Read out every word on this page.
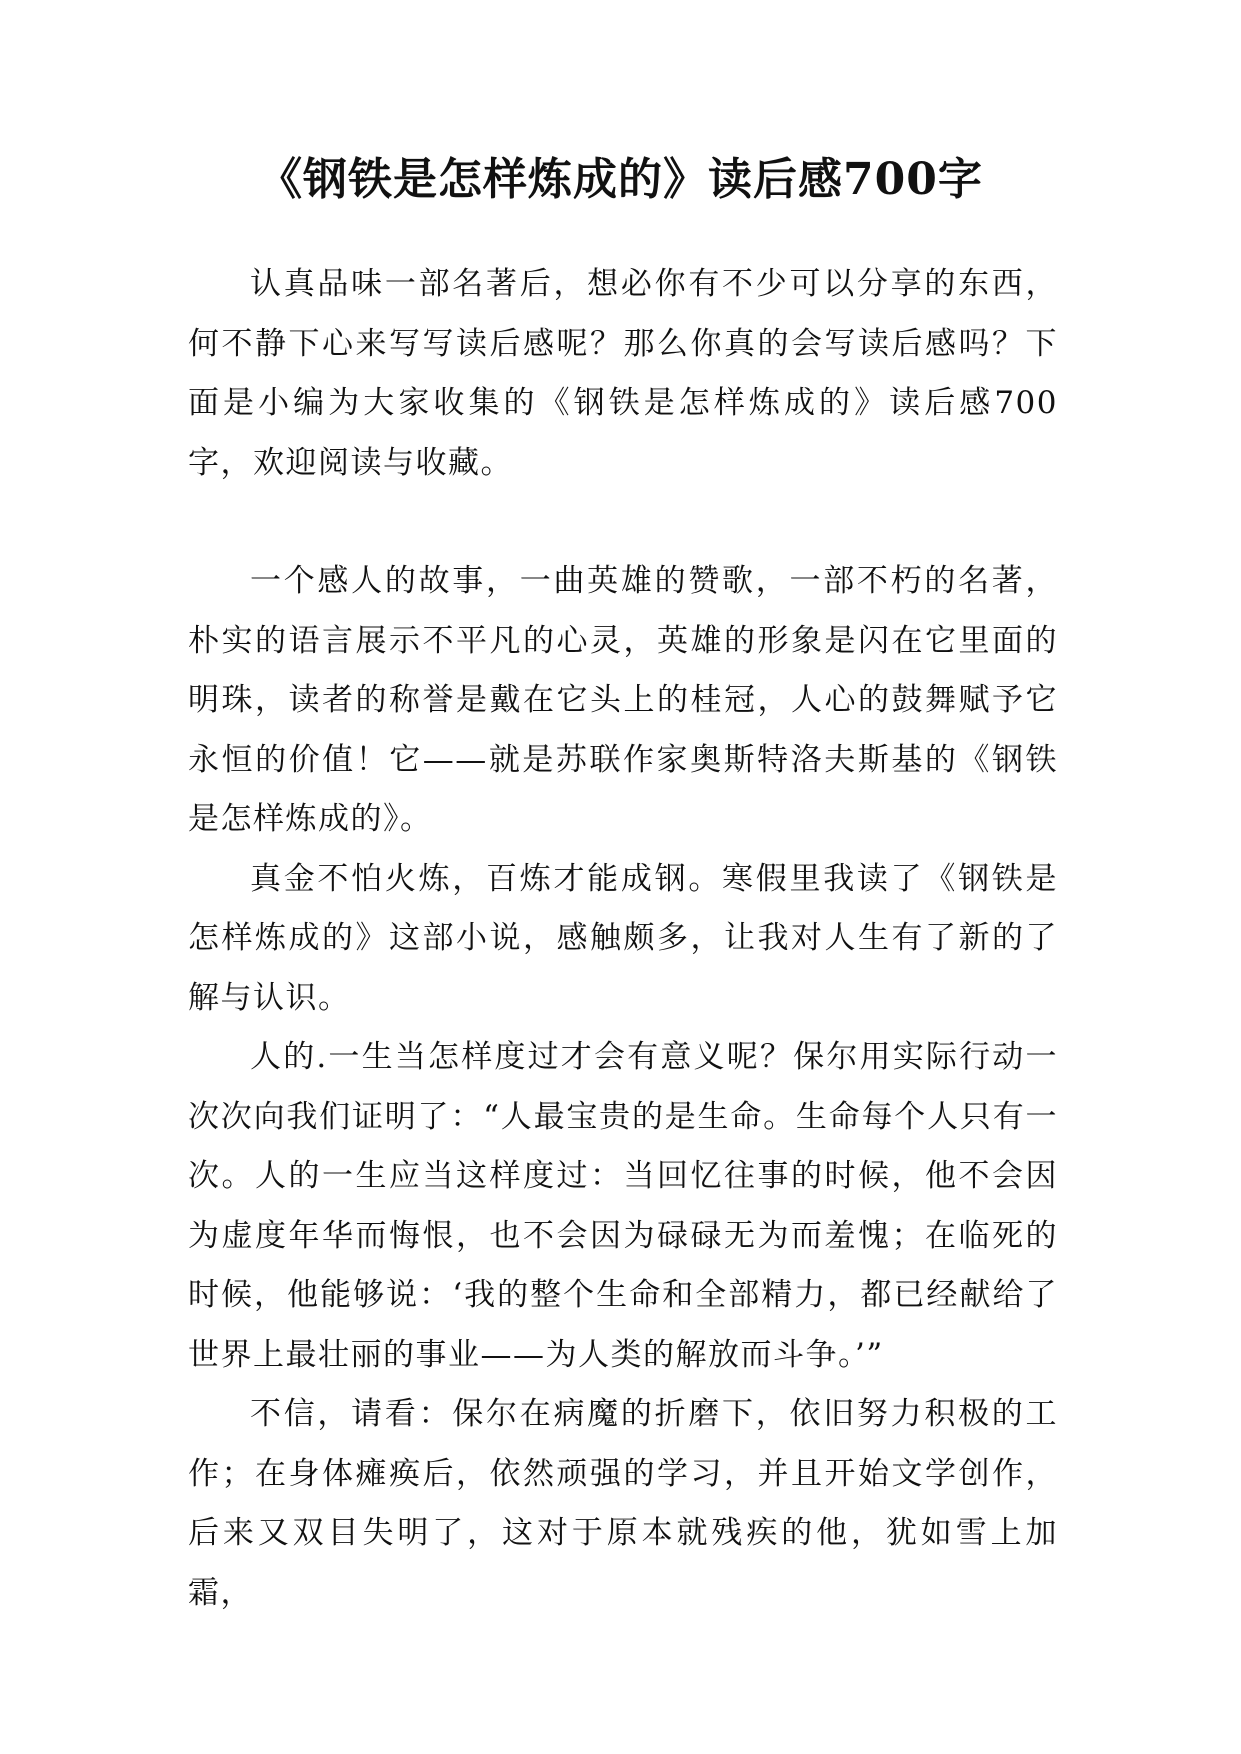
《钢铁是怎样炼成的》读后感700字

认真品味一部名著后，想必你有不少可以分享的东西，何不静下心来写写读后感呢？那么你真的会写读后感吗？下面是小编为大家收集的《钢铁是怎样炼成的》读后感700字，欢迎阅读与收藏。

一个感人的故事，一曲英雄的赞歌，一部不朽的名著，朴实的语言展示不平凡的心灵，英雄的形象是闪在它里面的明珠，读者的称誉是戴在它头上的桂冠，人心的鼓舞赋予它永恒的价值！它——就是苏联作家奥斯特洛夫斯基的《钢铁是怎样炼成的》。

真金不怕火炼，百炼才能成钢。寒假里我读了《钢铁是怎样炼成的》这部小说，感触颇多，让我对人生有了新的了解与认识。

人的.一生当怎样度过才会有意义呢？保尔用实际行动一次次向我们证明了：“人最宝贵的是生命。生命每个人只有一次。人的一生应当这样度过：当回忆往事的时候，他不会因为虚度年华而悔恨，也不会因为碌碌无为而羞愧；在临死的时候，他能够说：‘我的整个生命和全部精力，都已经献给了世界上最壮丽的事业——为人类的解放而斗争。’”

不信，请看：保尔在病魔的折磨下，依旧努力积极的工作；在身体瘫痪后，依然顽强的学习，并且开始文学创作，后来又双目失明了，这对于原本就残疾的他，犹如雪上加霜，
